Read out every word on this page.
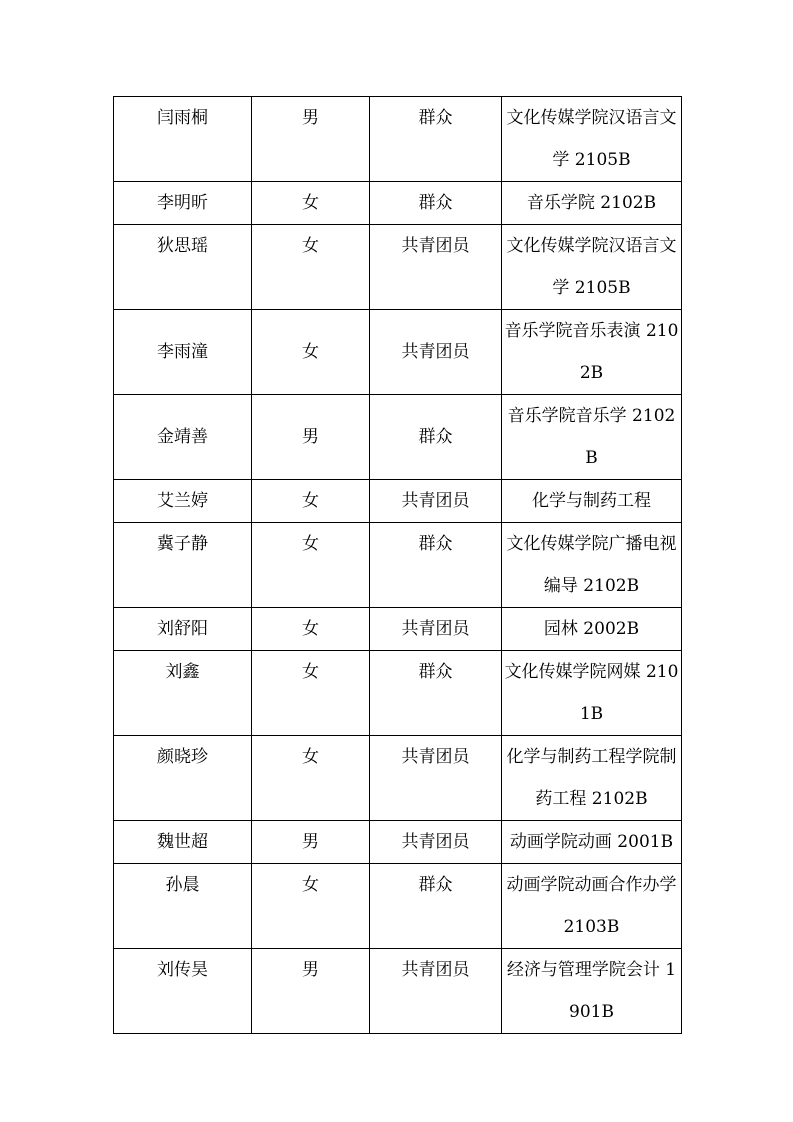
闫雨桐	男	群众	文化传媒学院汉语言文学 2105B
李明昕	女	群众	音乐学院 2102B
狄思瑶	女	共青团员	文化传媒学院汉语言文学 2105B
李雨潼	女	共青团员	音乐学院音乐表演 2102B
金靖善	男	群众	音乐学院音乐学 2102B
艾兰婷	女	共青团员	化学与制药工程
冀子静	女	群众	文化传媒学院广播电视编导 2102B
刘舒阳	女	共青团员	园林 2002B
刘鑫	女	群众	文化传媒学院网媒 2101B
颜晓珍	女	共青团员	化学与制药工程学院制药工程 2102B
魏世超	男	共青团员	动画学院动画 2001B
孙晨	女	群众	动画学院动画合作办学 2103B
刘传昊	男	共青团员	经济与管理学院会计 1901B
